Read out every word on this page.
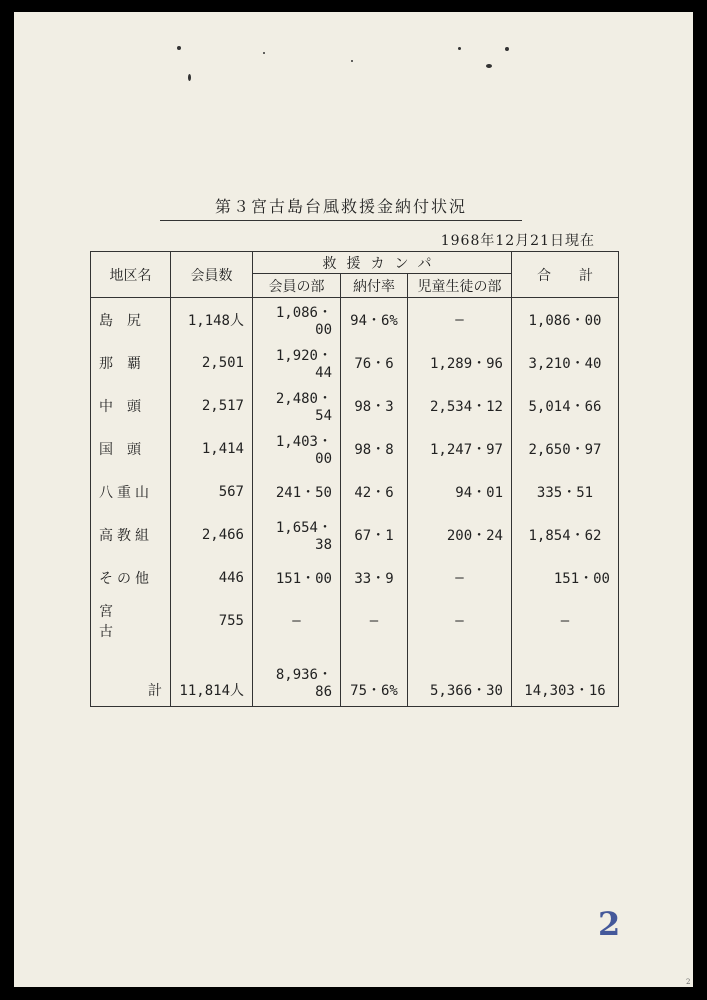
第３宮古島台風救援金納付状況
1968年12月21日現在
地区名	会員数	救援カンパ			合　　計
		会員の部	納付率	児童生徒の部	
島尻	1,148人	1,086・00	94・6%	—	1,086・00
那覇	2,501	1,920・44	76・6	1,289・96	3,210・40
中頭	2,517	2,480・54	98・3	2,534・12	5,014・66
国頭	1,414	1,403・00	98・8	1,247・97	2,650・97
八重山	567	241・50	42・6	94・01	335・51
高教組	2,466	1,654・38	67・1	200・24	1,854・62
その他	446	151・00	33・9	—	151・00
宮古	755	—	—	—	—
計	11,814人	8,936・86	75・6%	5,366・30	14,303・16
2
2
